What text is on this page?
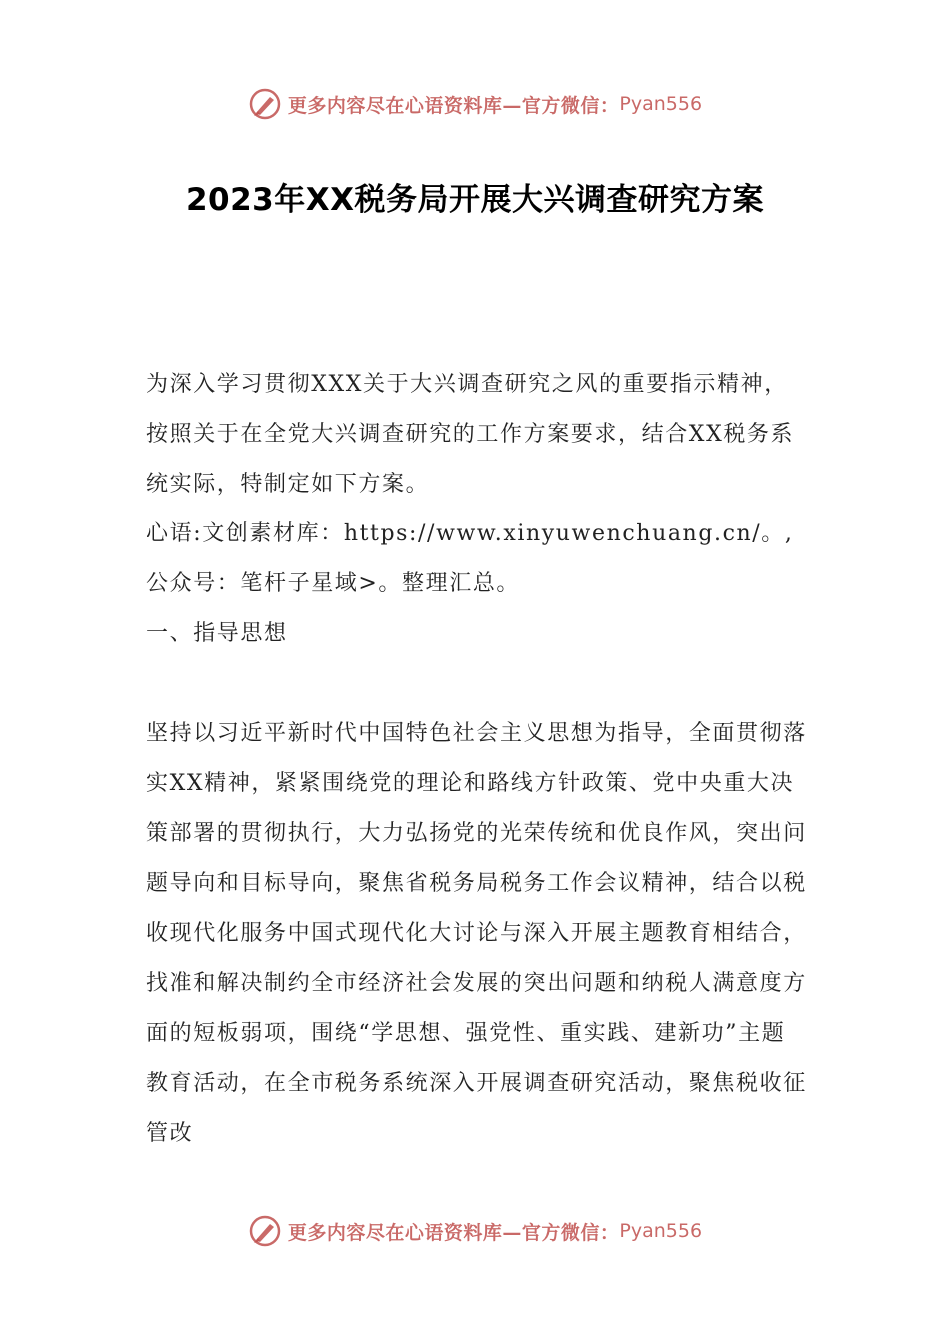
更多内容尽在心语资料库—官方微信： Pyan556
2023年XX税务局开展大兴调查研究方案

为深入学习贯彻XXX关于大兴调查研究之风的重要指示精神，按照关于在全党大兴调查研究的工作方案要求，结合XX税务系统实际，特制定如下方案。

心语:文创素材库：https://www.xinyuwenchuang.cn/。,公众号：笔杆子星域>。整理汇总。

一、指导思想

坚持以习近平新时代中国特色社会主义思想为指导，全面贯彻落实XX精神，紧紧围绕党的理论和路线方针政策、党中央重大决策部署的贯彻执行，大力弘扬党的光荣传统和优良作风，突出问题导向和目标导向，聚焦省税务局税务工作会议精神，结合以税收现代化服务中国式现代化大讨论与深入开展主题教育相结合，找准和解决制约全市经济社会发展的突出问题和纳税人满意度方面的短板弱项，围绕“学思想、强党性、重实践、建新功”主题教育活动，在全市税务系统深入开展调查研究活动，聚焦税收征管改

更多内容尽在心语资料库—官方微信： Pyan556
